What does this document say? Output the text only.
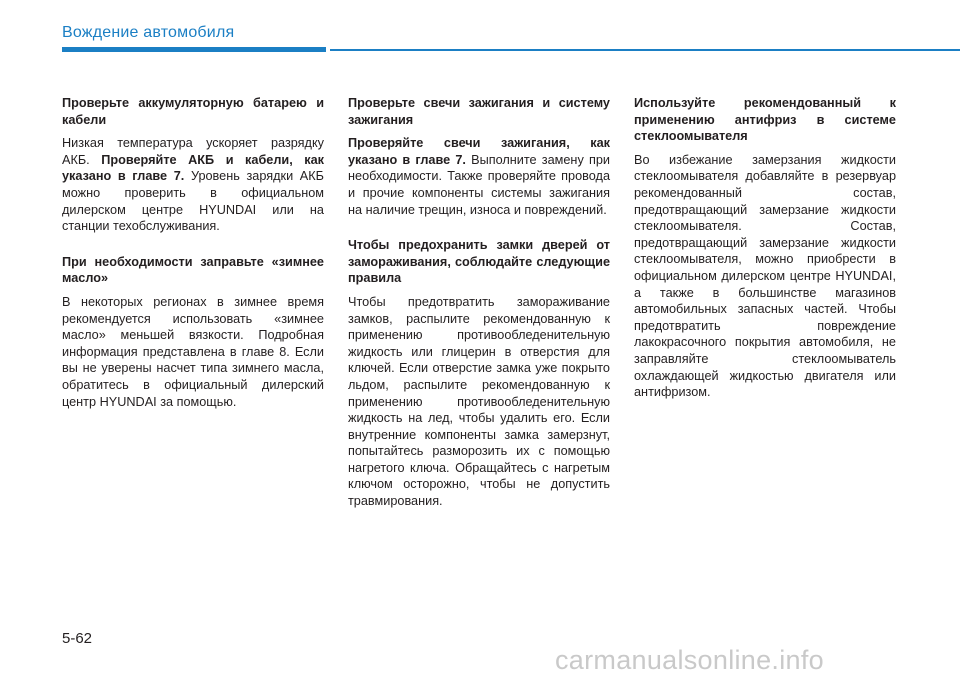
Вождение автомобиля
Проверьте аккумуляторную батарею и кабели
Низкая температура ускоряет разрядку АКБ. Проверяйте АКБ и кабели, как указано в главе 7. Уровень зарядки АКБ можно проверить в официальном дилерском центре HYUNDAI или на станции техобслуживания.
При необходимости заправьте «зимнее масло»
В некоторых регионах в зимнее время рекомендуется использовать «зимнее масло» меньшей вязкости. Подробная информация представлена в главе 8. Если вы не уверены насчет типа зимнего масла, обратитесь в официальный дилерский центр HYUNDAI за помощью.
Проверьте свечи зажигания и систему зажигания
Проверяйте свечи зажигания, как указано в главе 7. Выполните замену при необходимости. Также проверяйте провода и прочие компоненты системы зажигания на наличие трещин, износа и повреждений.
Чтобы предохранить замки дверей от замораживания, соблюдайте следующие правила
Чтобы предотвратить замораживание замков, распылите рекомендованную к применению противообледенительную жидкость или глицерин в отверстия для ключей. Если отверстие замка уже покрыто льдом, распылите рекомендованную к применению противообледенительную жидкость на лед, чтобы удалить его. Если внутренние компоненты замка замерзнут, попытайтесь разморозить их с помощью нагретого ключа. Обращайтесь с нагретым ключом осторожно, чтобы не допустить травмирования.
Используйте рекомендованный к применению антифриз в системе стеклоомывателя
Во избежание замерзания жидкости стеклоомывателя добавляйте в резервуар рекомендованный состав, предотвращающий замерзание жидкости стеклоомывателя. Состав, предотвращающий замерзание жидкости стеклоомывателя, можно приобрести в официальном дилерском центре HYUNDAI, а также в большинстве магазинов автомобильных запасных частей. Чтобы предотвратить повреждение лакокрасочного покрытия автомобиля, не заправляйте стеклоомыватель охлаждающей жидкостью двигателя или антифризом.
5-62
carmanualsonline.info
